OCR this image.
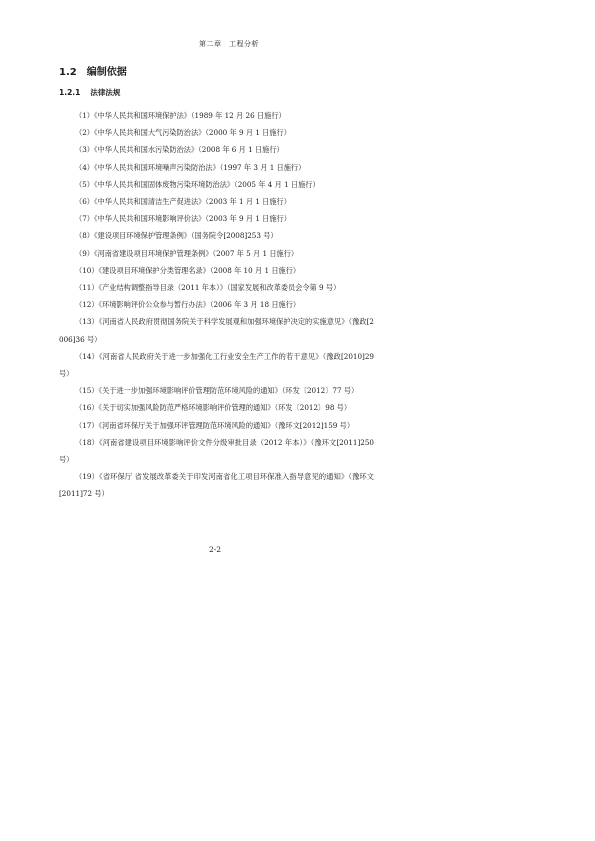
第二章　工程分析
1.2 编制依据
1.2.1 法律法规
（1）《中华人民共和国环境保护法》（1989 年 12 月 26 日施行）
（2）《中华人民共和国大气污染防治法》（2000 年 9 月 1 日施行）
（3）《中华人民共和国水污染防治法》（2008 年 6 月 1 日施行）
（4）《中华人民共和国环境噪声污染防治法》（1997 年 3 月 1 日施行）
（5）《中华人民共和国固体废物污染环境防治法》（2005 年 4 月 1 日施行）
（6）《中华人民共和国清洁生产促进法》（2003 年 1 月 1 日施行）
（7）《中华人民共和国环境影响评价法》（2003 年 9 月 1 日施行）
（8）《建设项目环境保护管理条例》（国务院令[2008]253 号）
（9）《河南省建设项目环境保护管理条例》（2007 年 5 月 1 日施行）
（10）《建设项目环境保护分类管理名录》（2008 年 10 月 1 日施行）
（11）《产业结构调整指导目录（2011 年本）》（国家发展和改革委员会令第 9 号）
（12）《环境影响评价公众参与暂行办法》（2006 年 3 月 18 日施行）
（13）《河南省人民政府贯彻国务院关于科学发展观和加强环境保护决定的实施意见》（豫政[2006]36 号）
（14）《河南省人民政府关于进一步加强化工行业安全生产工作的若干意见》（豫政[2010]29 号）
（15）《关于进一步加强环境影响评价管理防范环境风险的通知》（环发〔2012〕77 号）
（16）《关于切实加强风险防范严格环境影响评价管理的通知》（环发〔2012〕98 号）
（17）《河南省环保厅关于加强环评管理防范环境风险的通知》（豫环文[2012]159 号）
（18）《河南省建设项目环境影响评价文件分级审批目录（2012 年本）》（豫环文[2011]250 号）
（19）《省环保厅 省发展改革委关于印发河南省化工项目环保准入指导意见的通知》（豫环文[2011]72 号）
2-2
